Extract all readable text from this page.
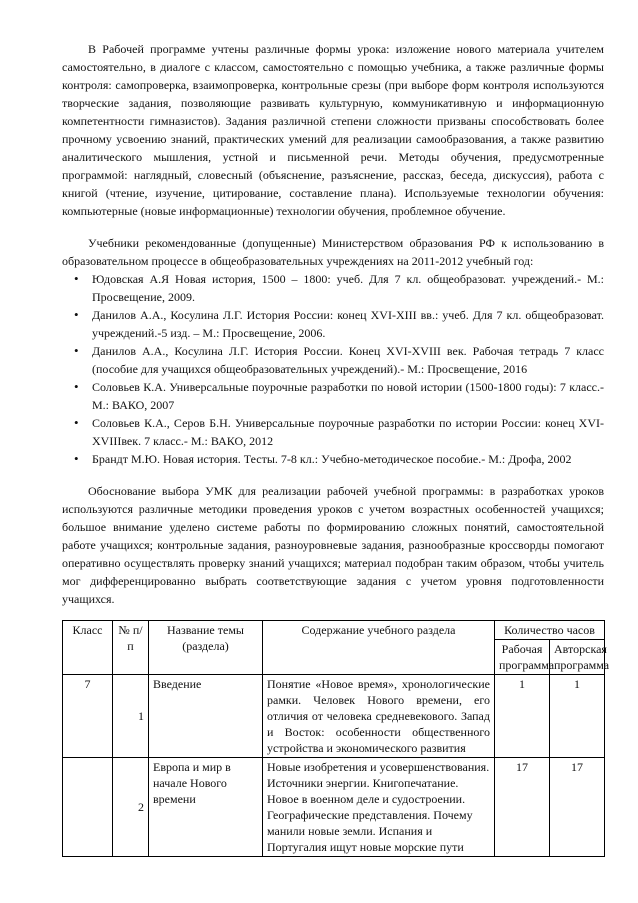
В Рабочей программе учтены различные формы урока: изложение нового материала учителем самостоятельно, в диалоге с классом, самостоятельно с помощью учебника, а также различные формы контроля: самопроверка, взаимопроверка, контрольные срезы (при выборе форм контроля используются творческие задания, позволяющие развивать культурную, коммуникативную и информационную компетентности гимназистов). Задания различной степени сложности призваны способствовать более прочному усвоению знаний, практических умений для реализации самообразования, а также развитию аналитического мышления, устной и письменной речи. Методы обучения, предусмотренные программой: наглядный, словесный (объяснение, разъяснение, рассказ, беседа, дискуссия), работа с книгой (чтение, изучение, цитирование, составление плана). Используемые технологии обучения: компьютерные (новые информационные) технологии обучения, проблемное обучение.

Учебники рекомендованные (допущенные) Министерством образования РФ к использованию в образовательном процессе в общеобразовательных учреждениях на 2011-2012 учебный год:

• Юдовская А.Я Новая история, 1500 – 1800: учеб. Для 7 кл. общеобразоват. учреждений.- М.: Просвещение, 2009.
• Данилов А.А., Косулина Л.Г. История России: конец XVI-XIII вв.: учеб. Для 7 кл. общеобразоват. учреждений.-5 изд. – М.: Просвещение, 2006.
• Данилов А.А., Косулина Л.Г. История России. Конец XVI-XVIII век. Рабочая тетрадь 7 класс (пособие для учащихся общеобразовательных учреждений).- М.: Просвещение, 2016
• Соловьев К.А. Универсальные поурочные разработки по новой истории (1500-1800 годы): 7 класс.-М.: ВАКО, 2007
• Соловьев К.А., Серов Б.Н. Универсальные поурочные разработки по истории России: конец XVI-XVIIIвек. 7 класс.- М.: ВАКО, 2012
• Брандт М.Ю. Новая история. Тесты. 7-8 кл.: Учебно-методическое пособие.- М.: Дрофа, 2002

Обоснование выбора УМК для реализации рабочей учебной программы: в разработках уроков используются различные методики проведения уроков с учетом возрастных особенностей учащихся; большое внимание уделено системе работы по формированию сложных понятий, самостоятельной работе учащихся; контрольные задания, разноуровневые задания, разнообразные кроссворды помогают оперативно осуществлять проверку знаний учащихся; материал подобран таким образом, чтобы учитель мог дифференцированно выбрать соответствующие задания с учетом уровня подготовленности учащихся.

Класс	№ п/п	Название темы (раздела)	Содержание учебного раздела	Количество часов	
				Рабочая программа	Авторская программа
7	1	Введение	Понятие «Новое время», хронологические рамки. Человек Нового времени, его отличия от человека средневекового. Запад и Восток: особенности общественного устройства и экономического развития	1	1
	2	Европа и мир в начале Нового времени	Новые изобретения и усовершенствования. Источники энергии. Книгопечатание. Новое в военном деле и судостроении. Географические представления. Почему манили новые земли. Испания и Португалия ищут новые морские пути	17	17
